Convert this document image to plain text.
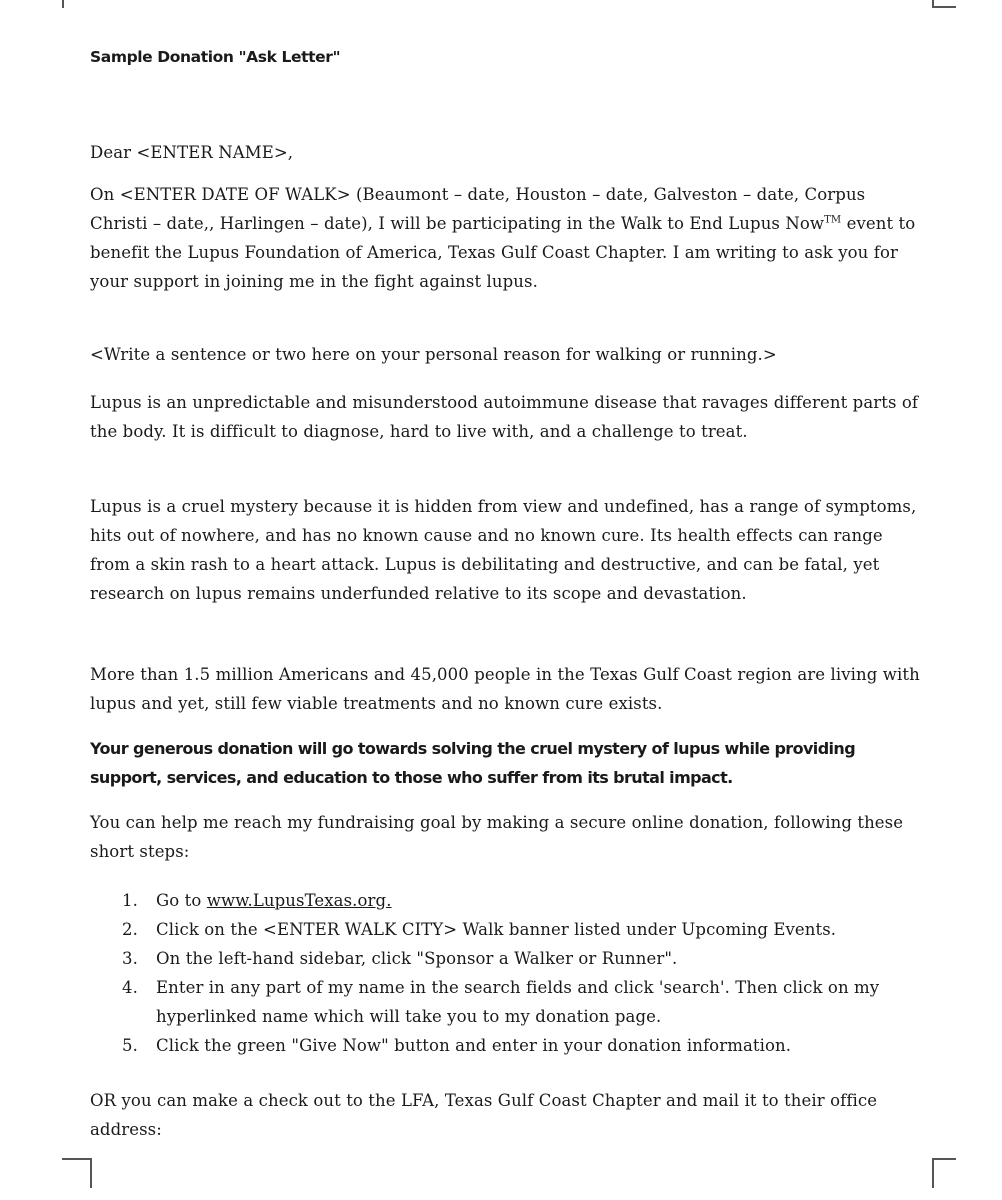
Sample Donation "Ask Letter"

Dear <ENTER NAME>,

On <ENTER DATE OF WALK> (Beaumont – date, Houston – date, Galveston – date, Corpus Christi – date,, Harlingen – date), I will be participating in the Walk to End Lupus Now™ event to benefit the Lupus Foundation of America, Texas Gulf Coast Chapter. I am writing to ask you for your support in joining me in the fight against lupus.

<Write a sentence or two here on your personal reason for walking or running.>

Lupus is an unpredictable and misunderstood autoimmune disease that ravages different parts of the body. It is difficult to diagnose, hard to live with, and a challenge to treat.

Lupus is a cruel mystery because it is hidden from view and undefined, has a range of symptoms, hits out of nowhere, and has no known cause and no known cure. Its health effects can range from a skin rash to a heart attack. Lupus is debilitating and destructive, and can be fatal, yet research on lupus remains underfunded relative to its scope and devastation.

More than 1.5 million Americans and 45,000 people in the Texas Gulf Coast region are living with lupus and yet, still few viable treatments and no known cure exists.

Your generous donation will go towards solving the cruel mystery of lupus while providing support, services, and education to those who suffer from its brutal impact.

You can help me reach my fundraising goal by making a secure online donation, following these short steps:

1.	Go to www.LupusTexas.org.
2.	Click on the <ENTER WALK CITY> Walk banner listed under Upcoming Events.
3.	On the left-hand sidebar, click "Sponsor a Walker or Runner".
4.	Enter in any part of my name in the search fields and click 'search'. Then click on my hyperlinked name which will take you to my donation page.
5.	Click the green "Give Now" button and enter in your donation information.

OR you can make a check out to the LFA, Texas Gulf Coast Chapter and mail it to their office address:
